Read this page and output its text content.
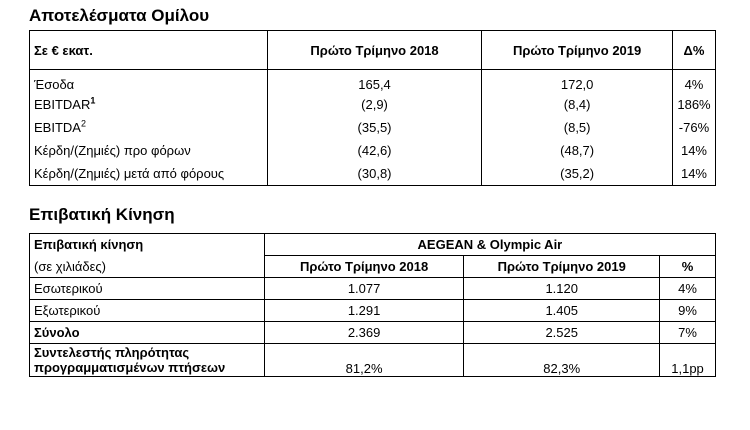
Αποτελέσματα Ομίλου
Σε € εκατ.	Πρώτο Τρίμηνο 2018	Πρώτο Τρίμηνο 2019	Δ%
Έσοδα	165,4	172,0	4%
EBITDAR$^1$	(2,9)	(8,4)	186%
EBITDA$^2$	(35,5)	(8,5)	-76%
Κέρδη/(Ζημιές) προ φόρων	(42,6)	(48,7)	14%
Κέρδη/(Ζημιές) μετά από φόρους	(30,8)	(35,2)	14%
Επιβατική Κίνηση
Επιβατική κίνηση	AEGEAN & Olympic Air		
(σε χιλιάδες)	Πρώτο Τρίμηνο 2018	Πρώτο Τρίμηνο 2019	%
Εσωτερικού	1.077	1.120	4%
Εξωτερικού	1.291	1.405	9%
Σύνολο	2.369	2.525	7%

Συντελεστής πληρότητας
προγραμματισμένων πτήσεων	81,2%	82,3%	1,1pp
